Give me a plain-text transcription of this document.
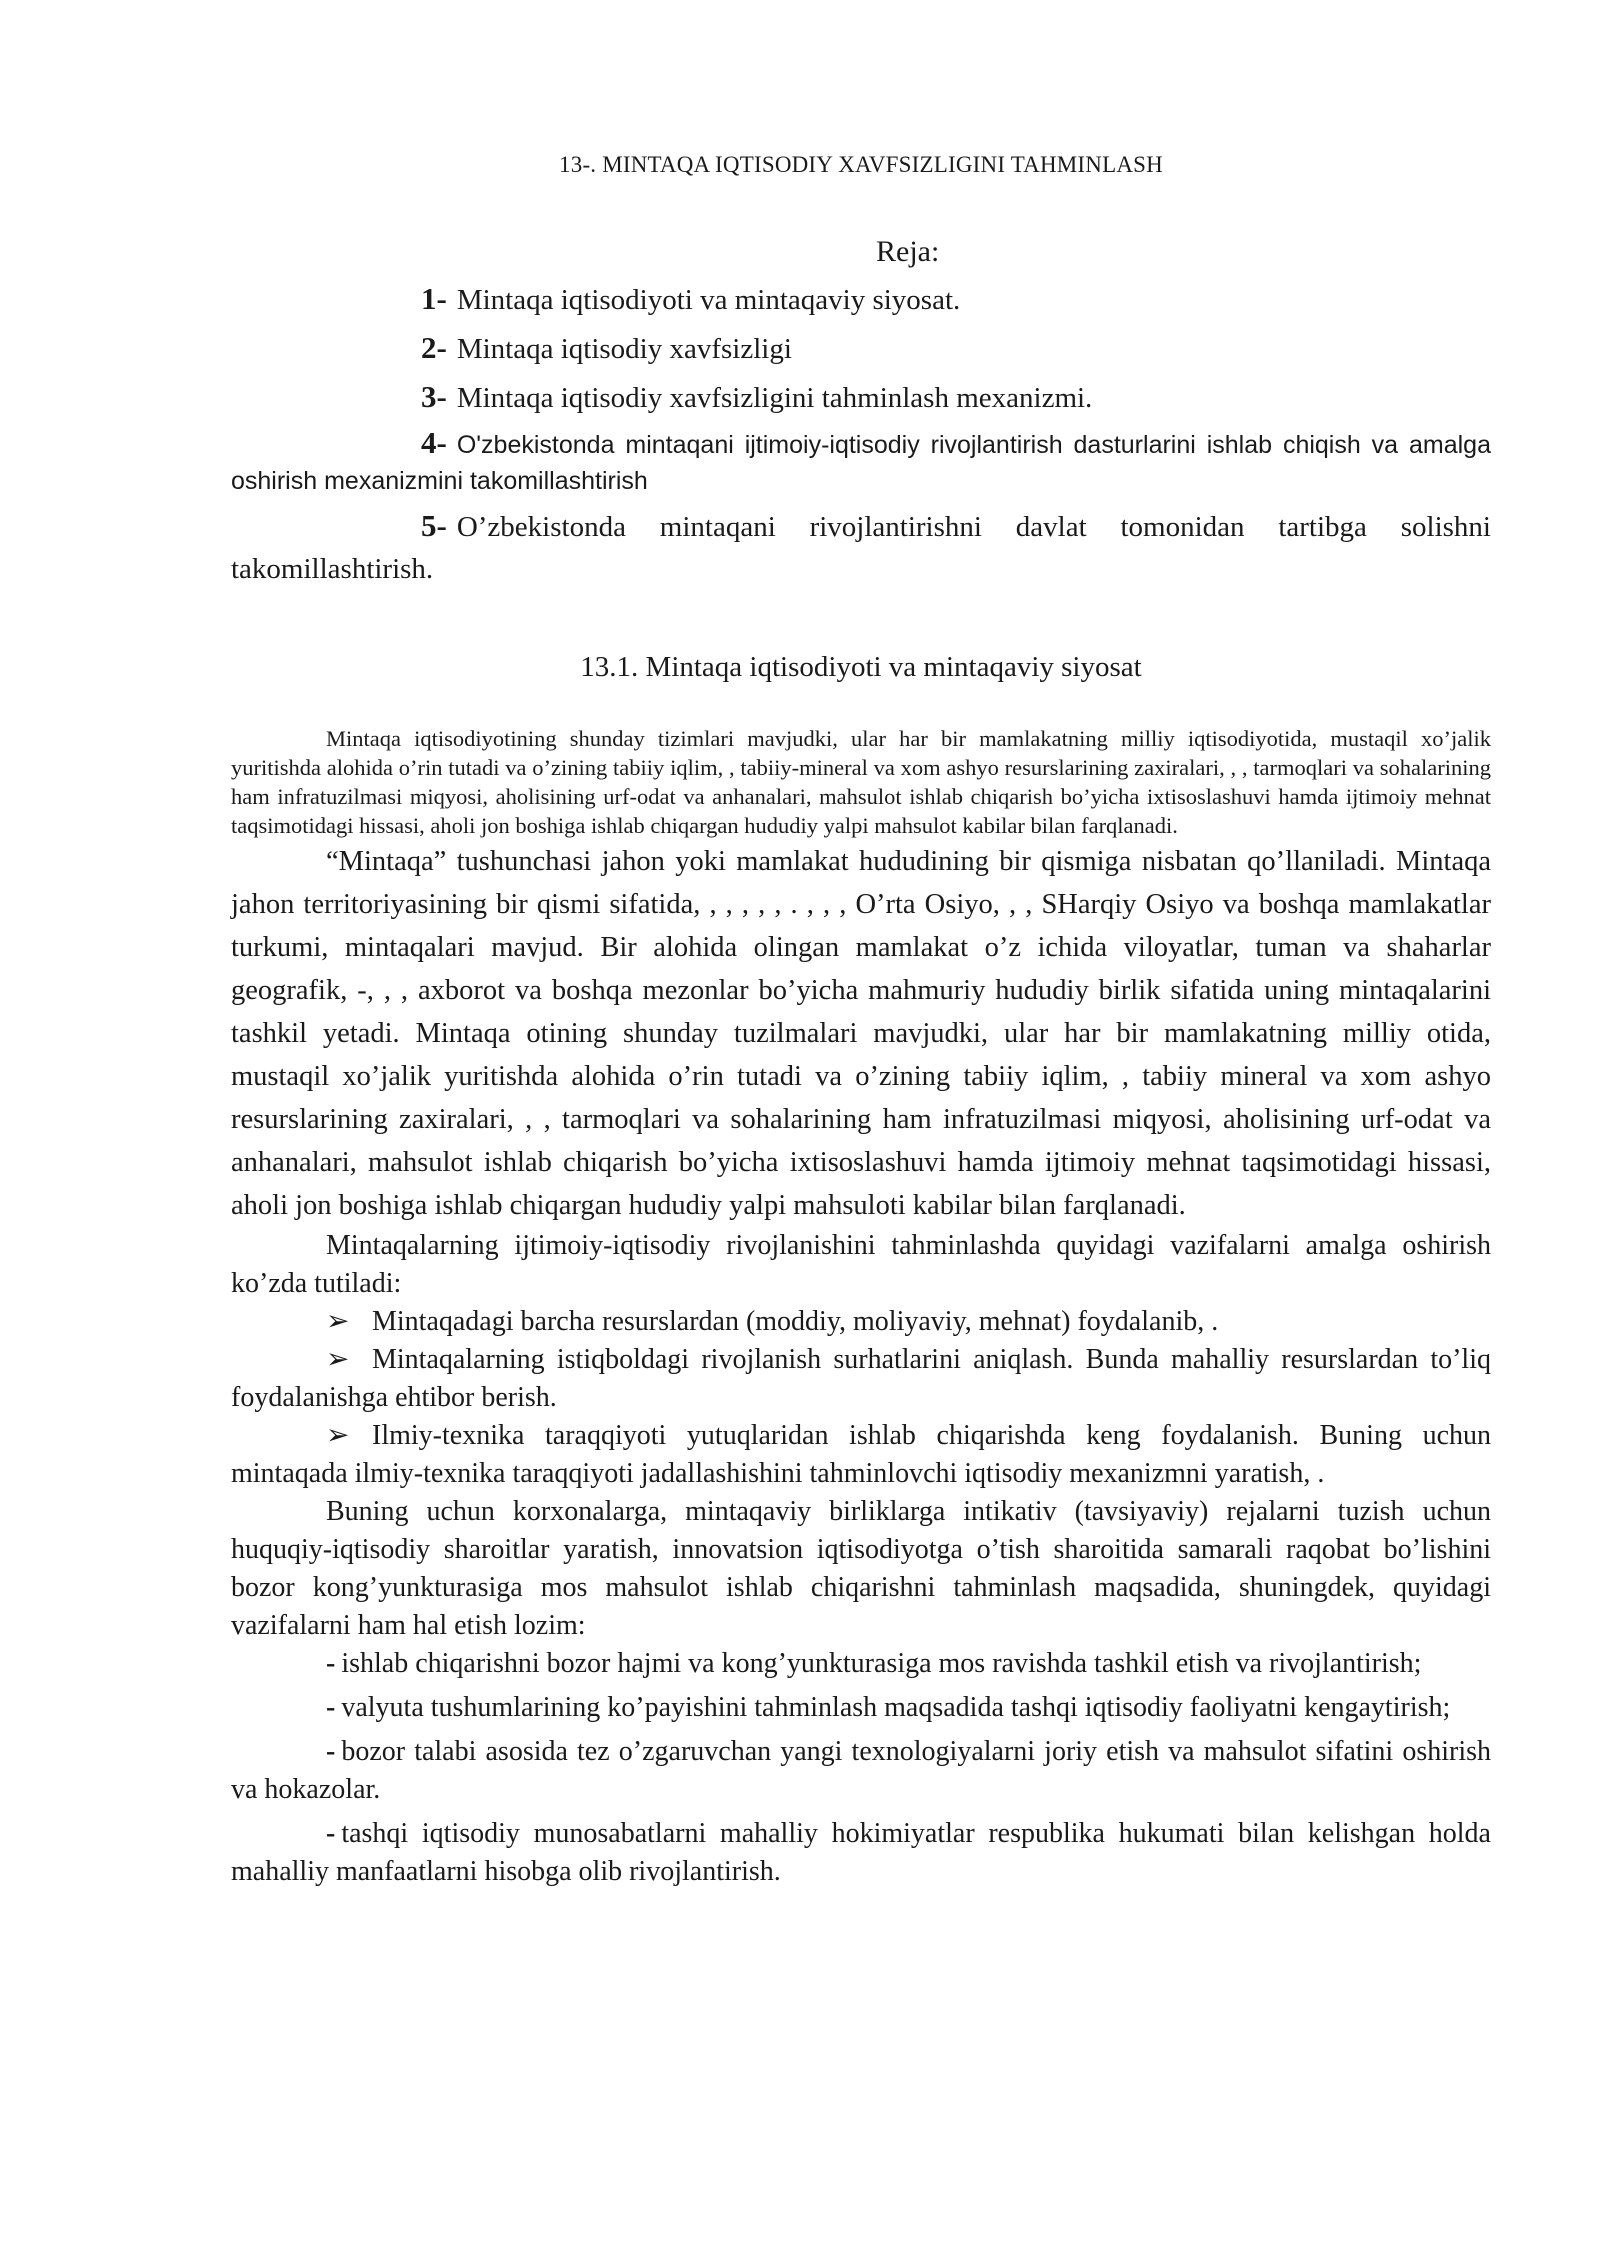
13-. MINTAQA IQTISODIY XAVFSIZLIGINI TAHMINLASH

Reja:

1- Mintaqa iqtisodiyoti va mintaqaviy siyosat.
2- Mintaqa iqtisodiy xavfsizligi
3- Mintaqa iqtisodiy xavfsizligini tahminlash mexanizmi.
4- O'zbekistonda mintaqani ijtimoiy-iqtisodiy rivojlantirish dasturlarini ishlab chiqish va amalga oshirish mexanizmini takomillashtirish
5- O’zbekistonda mintaqani rivojlantirishni davlat tomonidan tartibga solishni takomillashtirish.
13.1. Mintaqa iqtisodiyoti va mintaqaviy siyosat

Mintaqa iqtisodiyotining shunday tizimlari mavjudki, ular har bir mamlakatning milliy iqtisodiyotida, mustaqil xo’jalik yuritishda alohida o’rin tutadi va o’zining tabiiy iqlim, , tabiiy-mineral va xom ashyo resurslarining zaxiralari, , , tarmoqlari va sohalarining ham infratuzilmasi miqyosi, aholisining urf-odat va anhanalari, mahsulot ishlab chiqarish bo’yicha ixtisoslashuvi hamda ijtimoiy mehnat taqsimotidagi hissasi, aholi jon boshiga ishlab chiqargan hududiy yalpi mahsulot kabilar bilan farqlanadi.

“Mintaqa” tushunchasi jahon yoki mamlakat hududining bir qismiga nisbatan qo’llaniladi. Mintaqa jahon territoriyasining bir qismi sifatida, , , , , , . , , , O’rta Osiyo, , , SHarqiy Osiyo va boshqa mamlakatlar turkumi, mintaqalari mavjud. Bir alohida olingan mamlakat o’z ichida viloyatlar, tuman va shaharlar geografik, -, , , axborot va boshqa mezonlar bo’yicha mahmuriy hududiy birlik sifatida uning mintaqalarini tashkil yetadi. Mintaqa otining shunday tuzilmalari mavjudki, ular har bir mamlakatning milliy otida, mustaqil xo’jalik yuritishda alohida o’rin tutadi va o’zining tabiiy iqlim, , tabiiy mineral va xom ashyo resurslarining zaxiralari, , , tarmoqlari va sohalarining ham infratuzilmasi miqyosi, aholisining urf-odat va anhanalari, mahsulot ishlab chiqarish bo’yicha ixtisoslashuvi hamda ijtimoiy mehnat taqsimotidagi hissasi, aholi jon boshiga ishlab chiqargan hududiy yalpi mahsuloti kabilar bilan farqlanadi.

Mintaqalarning ijtimoiy-iqtisodiy rivojlanishini tahminlashda quyidagi vazifalarni amalga oshirish ko’zda tutiladi:

➢ Mintaqadagi barcha resurslardan (moddiy, moliyaviy, mehnat) foydalanib, .

➢ Mintaqalarning istiqboldagi rivojlanish surhatlarini aniqlash. Bunda mahalliy resurslardan to’liq foydalanishga ehtibor berish.

➢ Ilmiy-texnika taraqqiyoti yutuqlaridan ishlab chiqarishda keng foydalanish. Buning uchun mintaqada ilmiy-texnika taraqqiyoti jadallashishini tahminlovchi iqtisodiy mexanizmni yaratish, .

Buning uchun korxonalarga, mintaqaviy birliklarga intikativ (tavsiyaviy) rejalarni tuzish uchun huquqiy-iqtisodiy sharoitlar yaratish, innovatsion iqtisodiyotga o’tish sharoitida samarali raqobat bo’lishini bozor kong’yunkturasiga mos mahsulot ishlab chiqarishni tahminlash maqsadida, shuningdek, quyidagi vazifalarni ham hal etish lozim:

- ishlab chiqarishni bozor hajmi va kong’yunkturasiga mos ravishda tashkil etish va rivojlantirish;

- valyuta tushumlarining ko’payishini tahminlash maqsadida tashqi iqtisodiy faoliyatni kengaytirish;

- bozor talabi asosida tez o’zgaruvchan yangi texnologiyalarni joriy etish va mahsulot sifatini oshirish va hokazolar.

- tashqi iqtisodiy munosabatlarni mahalliy hokimiyatlar respublika hukumati bilan kelishgan holda mahalliy manfaatlarni hisobga olib rivojlantirish.
